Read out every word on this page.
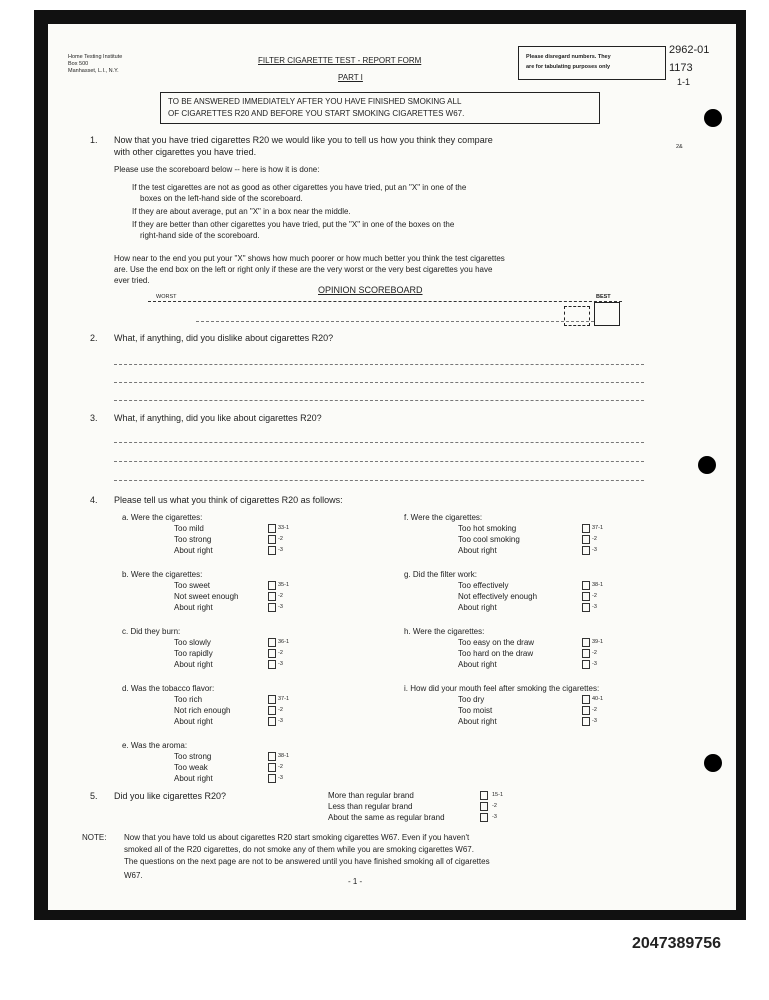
Home Testing Institute
Box 500
Manhasset, L.I., N.Y.
FILTER CIGARETTE TEST - REPORT FORM
PART I
Please disregard numbers. They
are for tabulating purposes only
2962-01
1173
1-1
TO BE ANSWERED IMMEDIATELY AFTER YOU HAVE FINISHED SMOKING ALL
OF CIGARETTES R20 AND BEFORE YOU START SMOKING CIGARETTES W67.
2&
1. Now that you have tried cigarettes R20 we would like you to tell us how you think they compare
with other cigarettes you have tried.
Please use the scoreboard below -- here is how it is done:
If the test cigarettes are not as good as other cigarettes you have tried, put an "X" in one of the
boxes on the left-hand side of the scoreboard.
If they are about average, put an "X" in a box near the middle.
If they are better than other cigarettes you have tried, put the "X" in one of the boxes on the
right-hand side of the scoreboard.
How near to the end you put your "X" shows how much poorer or how much better you think the test cigarettes
are. Use the end box on the left or right only if these are the very worst or the very best cigarettes you have
ever tried.
OPINION SCOREBOARD
WORST	BEST
2. What, if anything, did you dislike about cigarettes R20?
3. What, if anything, did you like about cigarettes R20?
4. Please tell us what you think of cigarettes R20 as follows:
a. Were the cigarettes:
Too mild	33-1
Too strong	-2
About right	-3
b. Were the cigarettes:
Too sweet	35-1
Not sweet enough	-2
About right	-3
c. Did they burn:
Too slowly	36-1
Too rapidly	-2
About right	-3
d. Was the tobacco flavor:
Too rich	37-1
Not rich enough	-2
About right	-3
e. Was the aroma:
Too strong	38-1
Too weak	-2
About right	-3
f. Were the cigarettes:
Too hot smoking	37-1
Too cool smoking	-2
About right	-3
g. Did the filter work:
Too effectively	38-1
Not effectively enough	-2
About right	-3
h. Were the cigarettes:
Too easy on the draw	39-1
Too hard on the draw	-2
About right	-3
i. How did your mouth feel after smoking the cigarettes:
Too dry	40-1
Too moist	-2
About right	-3
5. Did you like cigarettes R20?	More than regular brand	15-1
Less than regular brand	-2
About the same as regular brand	-3
NOTE: Now that you have told us about cigarettes R20 start smoking cigarettes W67. Even if you haven't
smoked all of the R20 cigarettes, do not smoke any of them while you are smoking cigarettes W67.
The questions on the next page are not to be answered until you have finished smoking all of cigarettes
W67.
- 1 -
2047389756
